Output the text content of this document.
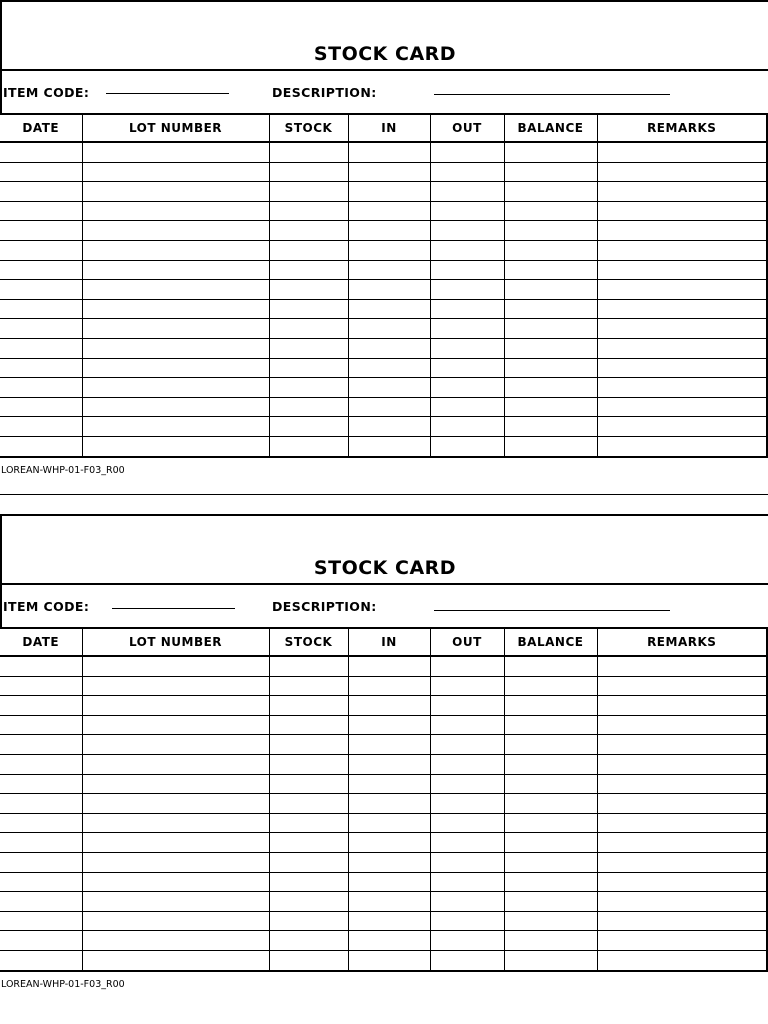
STOCK CARD
ITEM CODE:	DESCRIPTION:
DATE	LOT NUMBER	STOCK	IN	OUT	BALANCE	REMARKS

LOREAN-WHP-01-F03_R00
STOCK CARD
ITEM CODE:	DESCRIPTION:
DATE	LOT NUMBER	STOCK	IN	OUT	BALANCE	REMARKS

LOREAN-WHP-01-F03_R00
